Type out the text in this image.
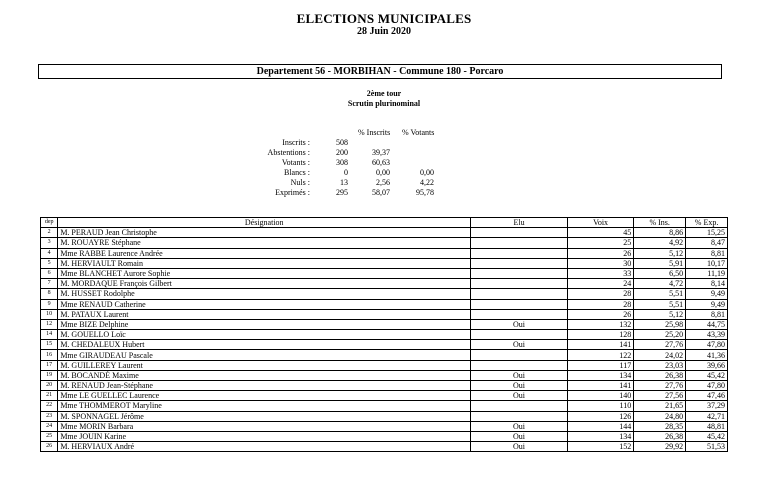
ELECTIONS MUNICIPALES
28 Juin 2020
Departement 56 - MORBIHAN - Commune 180 - Porcaro
2ème tour
Scrutin plurinominal
% Inscrits % Votants
Inscrits :	508
Abstentions :	200	39,37
Votants :	308	60,63
Blancs :	0	0,00	0,00
Nuls :	13	2,56	4,22
Exprimés :	295	58,07	95,78
dep	Désignation	Elu	Voix	% Ins.	% Exp.
2	M. PERAUD Jean Christophe		45	8,86	15,25
3	M. ROUAYRE Stéphane		25	4,92	8,47
4	Mme RABBE Laurence Andrée		26	5,12	8,81
5	M. HERVIAULT Romain		30	5,91	10,17
6	Mme BLANCHET Aurore Sophie		33	6,50	11,19
7	M. MORDAQUE François Gilbert		24	4,72	8,14
8	M. HUSSET Rodolphe		28	5,51	9,49
9	Mme RENAUD Catherine		28	5,51	9,49
10	M. PATAUX Laurent		26	5,12	8,81
12	Mme BIZE Delphine	Oui	132	25,98	44,75
14	M. GOUELLO Loïc		128	25,20	43,39
15	M. CHEDALEUX Hubert	Oui	141	27,76	47,80
16	Mme GIRAUDEAU Pascale		122	24,02	41,36
17	M. GUILLEREY Laurent		117	23,03	39,66
19	M. BOCANDÉ Maxime	Oui	134	26,38	45,42
20	M. RENAUD Jean-Stéphane	Oui	141	27,76	47,80
21	Mme LE GUELLEC Laurence	Oui	140	27,56	47,46
22	Mme THOMMEROT Maryline		110	21,65	37,29
23	M. SPONNAGEL Jérôme		126	24,80	42,71
24	Mme MORIN Barbara	Oui	144	28,35	48,81
25	Mme JOUIN Karine	Oui	134	26,38	45,42
26	M. HERVIAUX André	Oui	152	29,92	51,53
